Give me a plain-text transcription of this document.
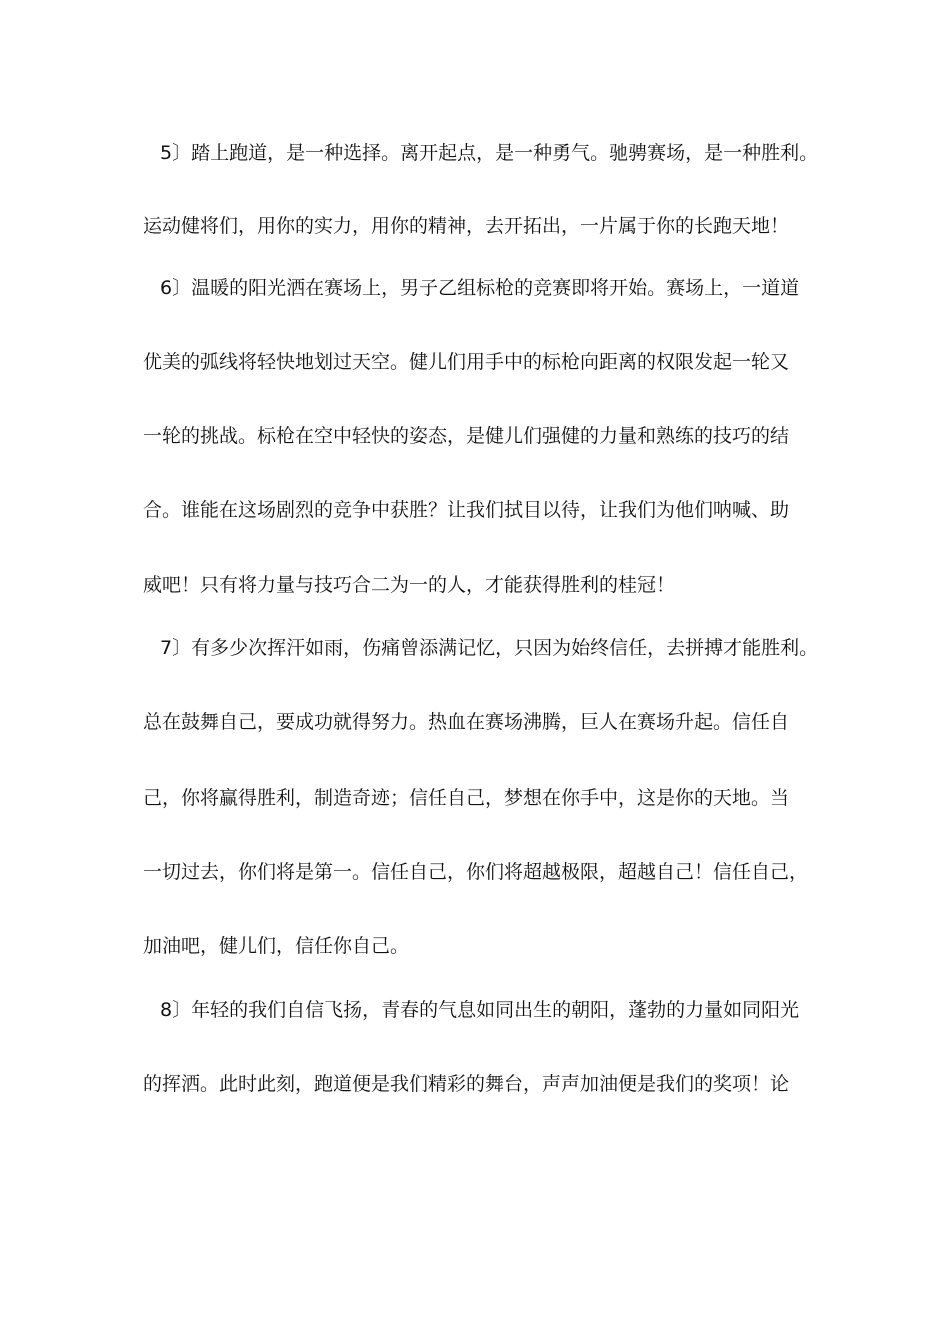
5〕踏上跑道，是一种选择。离开起点，是一种勇气。驰骋赛场，是一种胜利。
运动健将们，用你的实力，用你的精神，去开拓出，一片属于你的长跑天地！
6〕温暖的阳光洒在赛场上，男子乙组标枪的竞赛即将开始。赛场上，一道道
优美的弧线将轻快地划过天空。健儿们用手中的标枪向距离的权限发起一轮又
一轮的挑战。标枪在空中轻快的姿态，是健儿们强健的力量和熟练的技巧的结
合。谁能在这场剧烈的竞争中获胜？让我们拭目以待，让我们为他们呐喊、助
威吧！只有将力量与技巧合二为一的人，才能获得胜利的桂冠！
7〕有多少次挥汗如雨，伤痛曾添满记忆，只因为始终信任，去拼搏才能胜利。
总在鼓舞自己，要成功就得努力。热血在赛场沸腾，巨人在赛场升起。信任自
己，你将赢得胜利，制造奇迹；信任自己，梦想在你手中，这是你的天地。当
一切过去，你们将是第一。信任自己，你们将超越极限，超越自己！信任自己，
加油吧，健儿们，信任你自己。
8〕年轻的我们自信飞扬，青春的气息如同出生的朝阳，蓬勃的力量如同阳光
的挥洒。此时此刻，跑道便是我们精彩的舞台，声声加油便是我们的奖项！论
